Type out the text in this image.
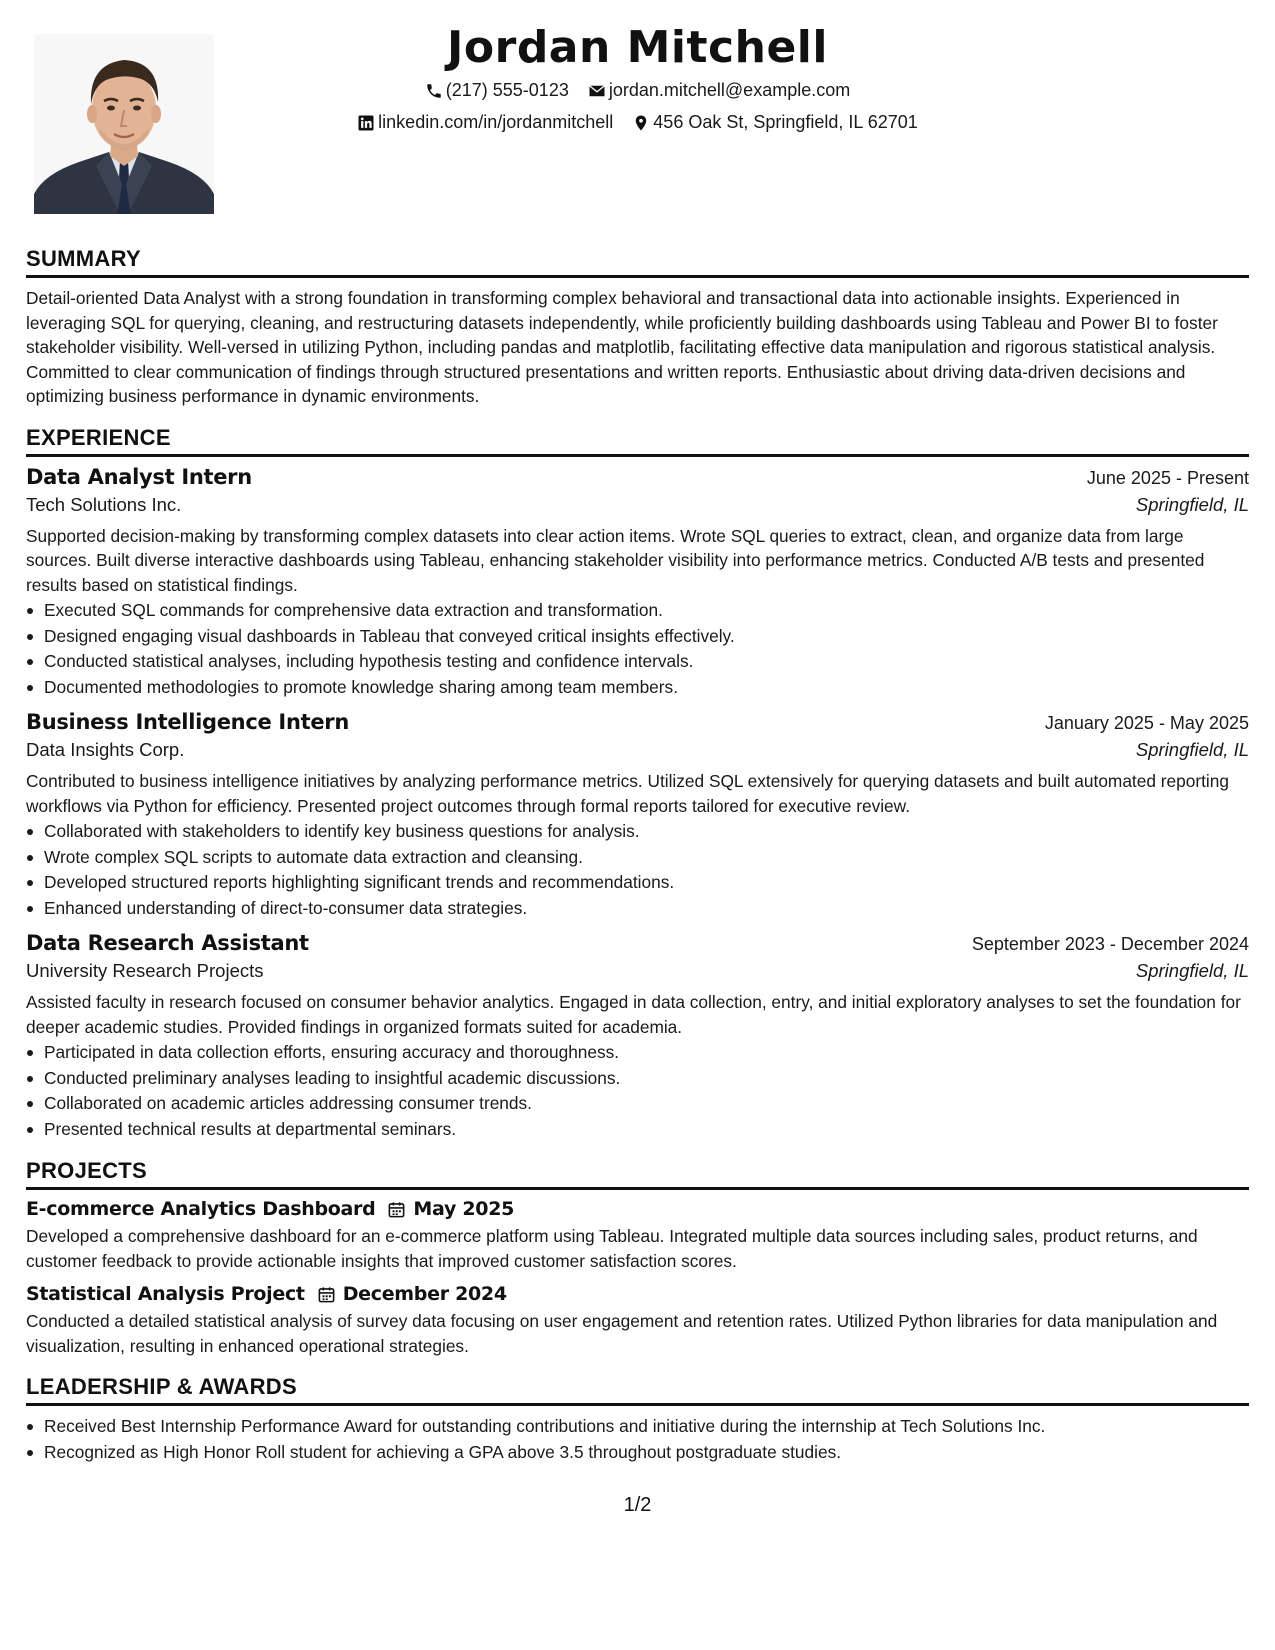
Jordan Mitchell
(217) 555-0123
jordan.mitchell@example.com
linkedin.com/in/jordanmitchell
456 Oak St, Springfield, IL 62701
SUMMARY
Detail-oriented Data Analyst with a strong foundation in transforming complex behavioral and transactional data into actionable insights. Experienced in leveraging SQL for querying, cleaning, and restructuring datasets independently, while proficiently building dashboards using Tableau and Power BI to foster stakeholder visibility. Well-versed in utilizing Python, including pandas and matplotlib, facilitating effective data manipulation and rigorous statistical analysis. Committed to clear communication of findings through structured presentations and written reports. Enthusiastic about driving data-driven decisions and optimizing business performance in dynamic environments.
EXPERIENCE
Data Analyst Intern	June 2025 - Present
Tech Solutions Inc.	Springfield, IL
Supported decision-making by transforming complex datasets into clear action items. Wrote SQL queries to extract, clean, and organize data from large sources. Built diverse interactive dashboards using Tableau, enhancing stakeholder visibility into performance metrics. Conducted A/B tests and presented results based on statistical findings.
Executed SQL commands for comprehensive data extraction and transformation.
Designed engaging visual dashboards in Tableau that conveyed critical insights effectively.
Conducted statistical analyses, including hypothesis testing and confidence intervals.
Documented methodologies to promote knowledge sharing among team members.
Business Intelligence Intern	January 2025 - May 2025
Data Insights Corp.	Springfield, IL
Contributed to business intelligence initiatives by analyzing performance metrics. Utilized SQL extensively for querying datasets and built automated reporting workflows via Python for efficiency. Presented project outcomes through formal reports tailored for executive review.
Collaborated with stakeholders to identify key business questions for analysis.
Wrote complex SQL scripts to automate data extraction and cleansing.
Developed structured reports highlighting significant trends and recommendations.
Enhanced understanding of direct-to-consumer data strategies.
Data Research Assistant	September 2023 - December 2024
University Research Projects	Springfield, IL
Assisted faculty in research focused on consumer behavior analytics. Engaged in data collection, entry, and initial exploratory analyses to set the foundation for deeper academic studies. Provided findings in organized formats suited for academia.
Participated in data collection efforts, ensuring accuracy and thoroughness.
Conducted preliminary analyses leading to insightful academic discussions.
Collaborated on academic articles addressing consumer trends.
Presented technical results at departmental seminars.
PROJECTS
E-commerce Analytics Dashboard May 2025
Developed a comprehensive dashboard for an e-commerce platform using Tableau. Integrated multiple data sources including sales, product returns, and customer feedback to provide actionable insights that improved customer satisfaction scores.
Statistical Analysis Project December 2024
Conducted a detailed statistical analysis of survey data focusing on user engagement and retention rates. Utilized Python libraries for data manipulation and visualization, resulting in enhanced operational strategies.
LEADERSHIP & AWARDS
Received Best Internship Performance Award for outstanding contributions and initiative during the internship at Tech Solutions Inc.
Recognized as High Honor Roll student for achieving a GPA above 3.5 throughout postgraduate studies.
1/2
